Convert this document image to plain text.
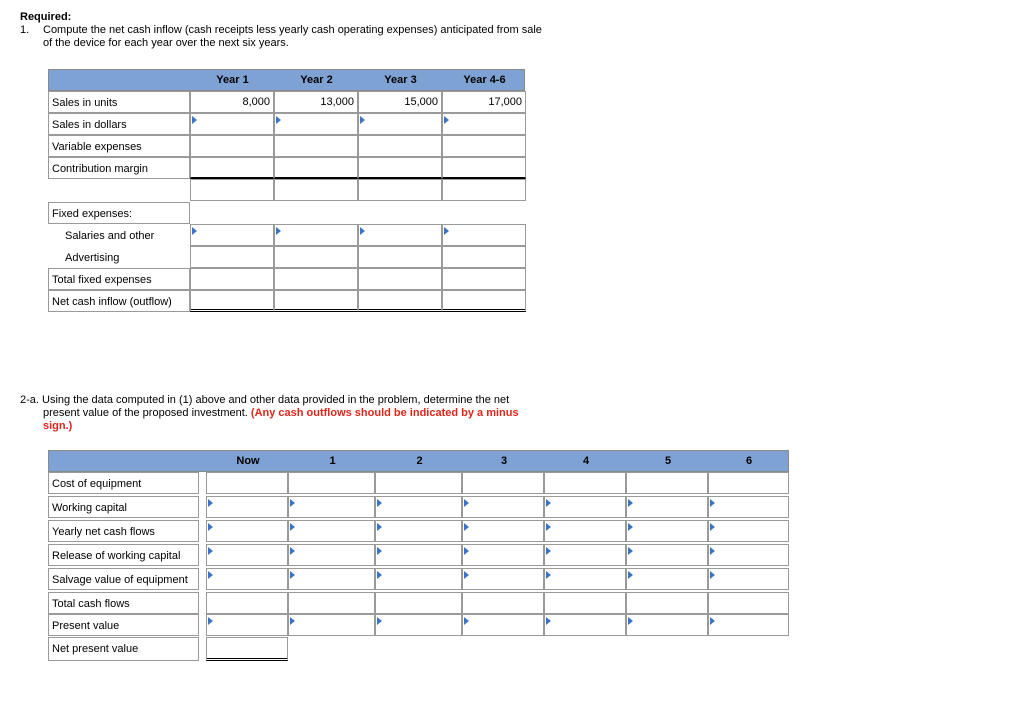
Required:
1. Compute the net cash inflow (cash receipts less yearly cash operating expenses) anticipated from sale
of the device for each year over the next six years.
Year 1	Year 2	Year 3	Year 4-6
Sales in units	8,000	13,000	15,000	17,000
Sales in dollars
Variable expenses
Contribution margin
Fixed expenses:
Salaries and other
Advertising
Total fixed expenses
Net cash inflow (outflow)
2-a. Using the data computed in (1) above and other data provided in the problem, determine the net
present value of the proposed investment. (Any cash outflows should be indicated by a minus
sign.)
Now	1	2	3	4	5	6
Cost of equipment
Working capital
Yearly net cash flows
Release of working capital
Salvage value of equipment
Total cash flows
Present value
Net present value
